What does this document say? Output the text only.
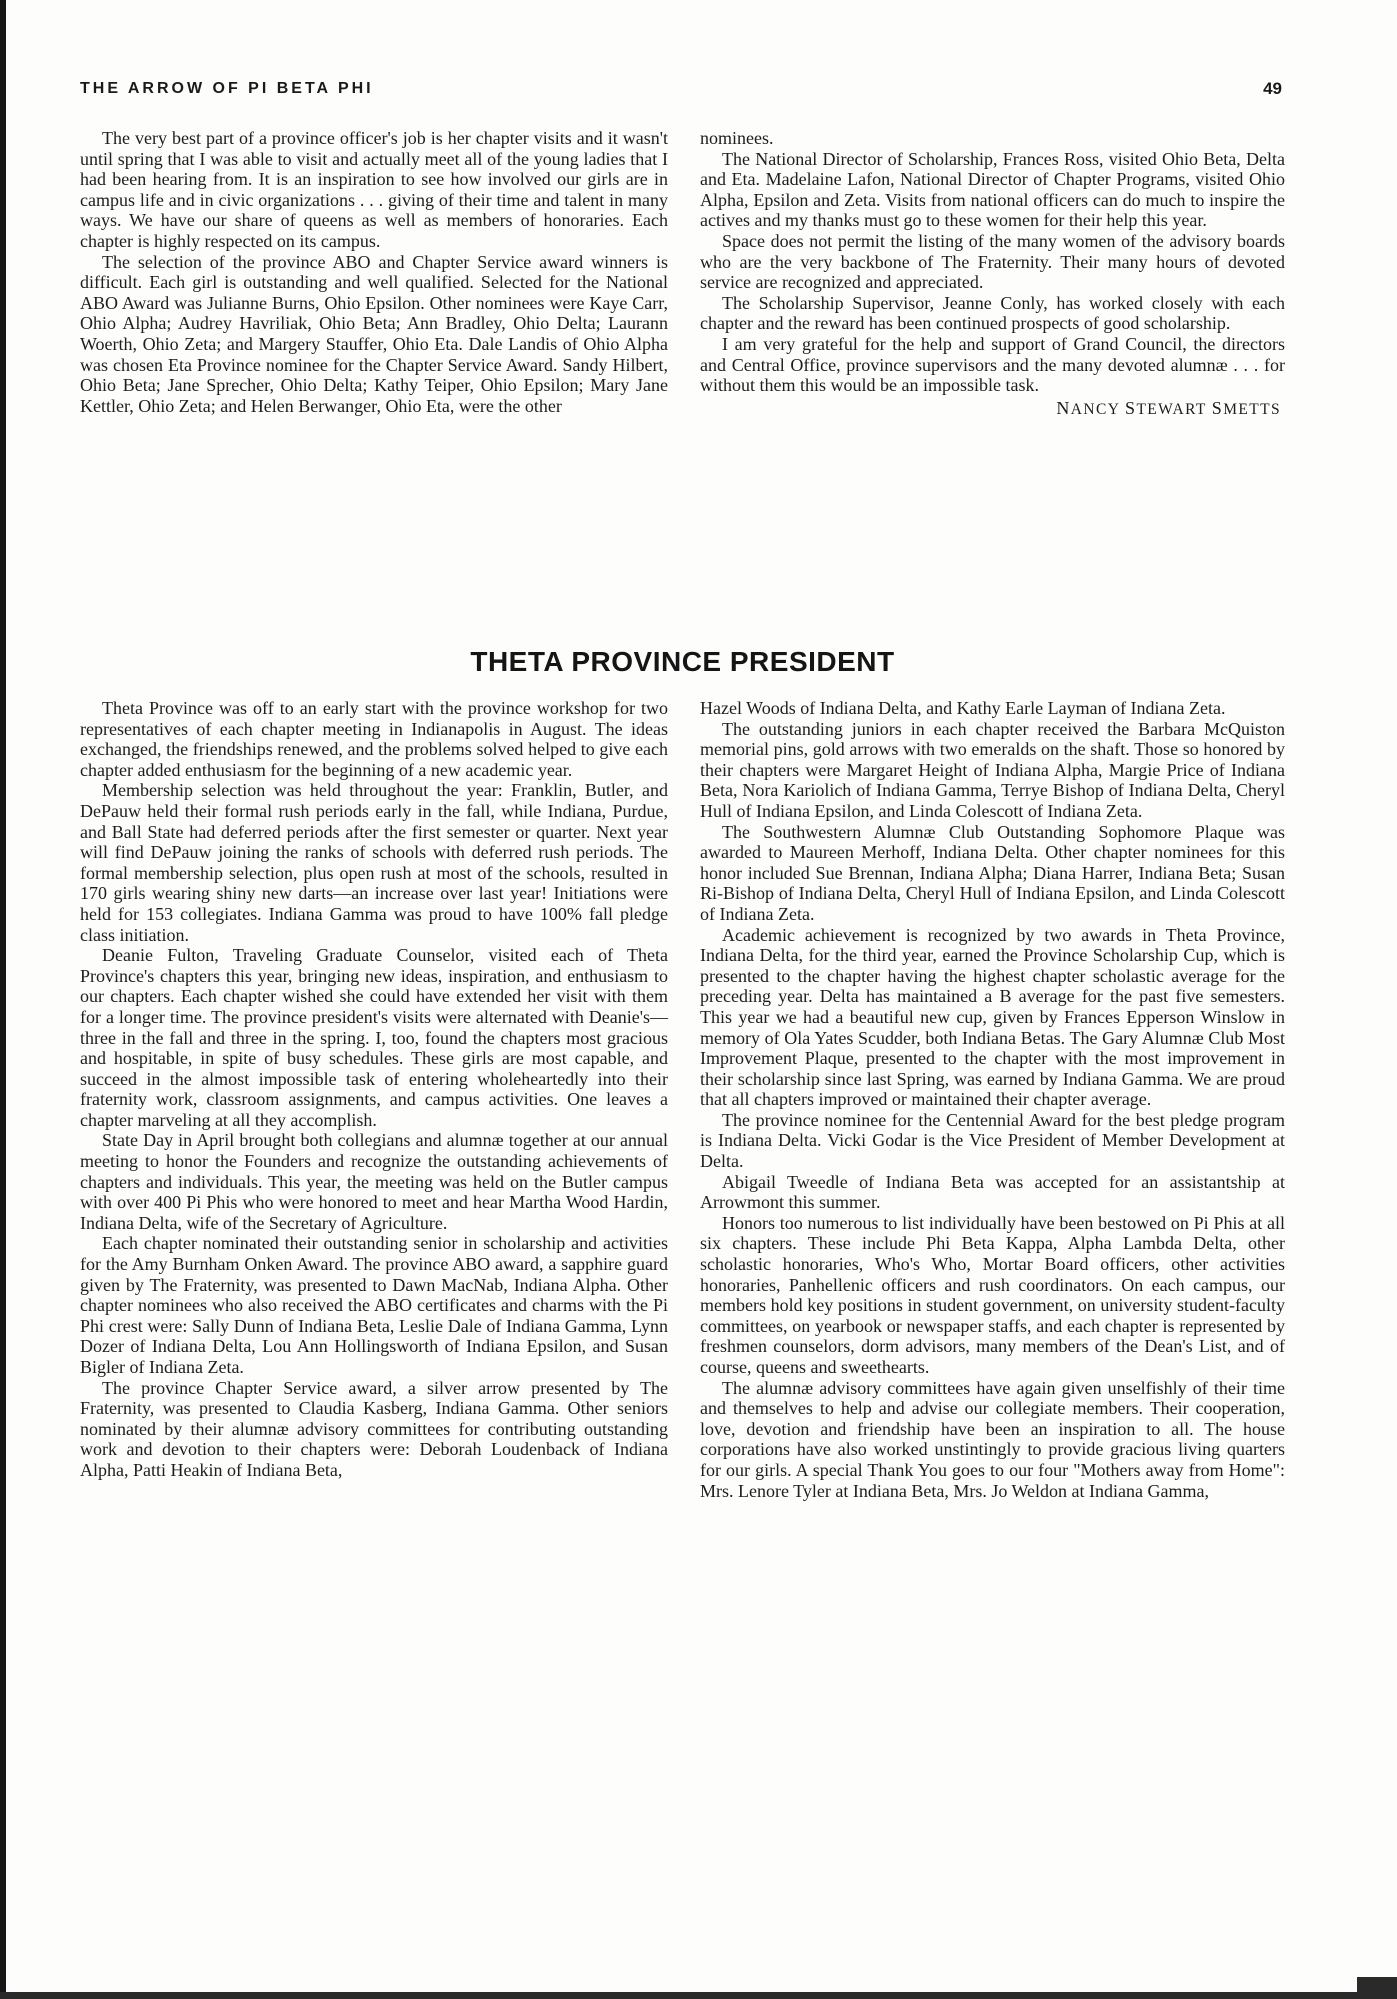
THE ARROW OF PI BETA PHI	49

The very best part of a province officer's job is her chapter visits and it wasn't until spring that I was able to visit and actually meet all of the young ladies that I had been hearing from. It is an inspiration to see how involved our girls are in campus life and in civic organizations . . . giving of their time and talent in many ways. We have our share of queens as well as members of honoraries. Each chapter is highly respected on its campus.

The selection of the province ABO and Chapter Service award winners is difficult. Each girl is outstanding and well qualified. Selected for the National ABO Award was Julianne Burns, Ohio Epsilon. Other nominees were Kaye Carr, Ohio Alpha; Audrey Havriliak, Ohio Beta; Ann Bradley, Ohio Delta; Laurann Woerth, Ohio Zeta; and Margery Stauffer, Ohio Eta. Dale Landis of Ohio Alpha was chosen Eta Province nominee for the Chapter Service Award. Sandy Hilbert, Ohio Beta; Jane Sprecher, Ohio Delta; Kathy Teiper, Ohio Epsilon; Mary Jane Kettler, Ohio Zeta; and Helen Berwanger, Ohio Eta, were the other

nominees.

The National Director of Scholarship, Frances Ross, visited Ohio Beta, Delta and Eta. Madelaine Lafon, National Director of Chapter Programs, visited Ohio Alpha, Epsilon and Zeta. Visits from national officers can do much to inspire the actives and my thanks must go to these women for their help this year.

Space does not permit the listing of the many women of the advisory boards who are the very backbone of The Fraternity. Their many hours of devoted service are recognized and appreciated.

The Scholarship Supervisor, Jeanne Conly, has worked closely with each chapter and the reward has been continued prospects of good scholarship.

I am very grateful for the help and support of Grand Council, the directors and Central Office, province supervisors and the many devoted alumnæ . . . for without them this would be an impossible task.

NANCY STEWART SMETTS
THETA PROVINCE PRESIDENT

Theta Province was off to an early start with the province workshop for two representatives of each chapter meeting in Indianapolis in August. The ideas exchanged, the friendships renewed, and the problems solved helped to give each chapter added enthusiasm for the beginning of a new academic year.

Membership selection was held throughout the year: Franklin, Butler, and DePauw held their formal rush periods early in the fall, while Indiana, Purdue, and Ball State had deferred periods after the first semester or quarter. Next year will find DePauw joining the ranks of schools with deferred rush periods. The formal membership selection, plus open rush at most of the schools, resulted in 170 girls wearing shiny new darts—an increase over last year! Initiations were held for 153 collegiates. Indiana Gamma was proud to have 100% fall pledge class initiation.

Deanie Fulton, Traveling Graduate Counselor, visited each of Theta Province's chapters this year, bringing new ideas, inspiration, and enthusiasm to our chapters. Each chapter wished she could have extended her visit with them for a longer time. The province president's visits were alternated with Deanie's—three in the fall and three in the spring. I, too, found the chapters most gracious and hospitable, in spite of busy schedules. These girls are most capable, and succeed in the almost impossible task of entering wholeheartedly into their fraternity work, classroom assignments, and campus activities. One leaves a chapter marveling at all they accomplish.

State Day in April brought both collegians and alumnæ together at our annual meeting to honor the Founders and recognize the outstanding achievements of chapters and individuals. This year, the meeting was held on the Butler campus with over 400 Pi Phis who were honored to meet and hear Martha Wood Hardin, Indiana Delta, wife of the Secretary of Agriculture.

Each chapter nominated their outstanding senior in scholarship and activities for the Amy Burnham Onken Award. The province ABO award, a sapphire guard given by The Fraternity, was presented to Dawn MacNab, Indiana Alpha. Other chapter nominees who also received the ABO certificates and charms with the Pi Phi crest were: Sally Dunn of Indiana Beta, Leslie Dale of Indiana Gamma, Lynn Dozer of Indiana Delta, Lou Ann Hollingsworth of Indiana Epsilon, and Susan Bigler of Indiana Zeta.

The province Chapter Service award, a silver arrow presented by The Fraternity, was presented to Claudia Kasberg, Indiana Gamma. Other seniors nominated by their alumnæ advisory committees for contributing outstanding work and devotion to their chapters were: Deborah Loudenback of Indiana Alpha, Patti Heakin of Indiana Beta,

Hazel Woods of Indiana Delta, and Kathy Earle Layman of Indiana Zeta.

The outstanding juniors in each chapter received the Barbara McQuiston memorial pins, gold arrows with two emeralds on the shaft. Those so honored by their chapters were Margaret Height of Indiana Alpha, Margie Price of Indiana Beta, Nora Kariolich of Indiana Gamma, Terrye Bishop of Indiana Delta, Cheryl Hull of Indiana Epsilon, and Linda Colescott of Indiana Zeta.

The Southwestern Alumnæ Club Outstanding Sophomore Plaque was awarded to Maureen Merhoff, Indiana Delta. Other chapter nominees for this honor included Sue Brennan, Indiana Alpha; Diana Harrer, Indiana Beta; Susan Ri-Bishop of Indiana Delta, Cheryl Hull of Indiana Epsilon, and Linda Colescott of Indiana Zeta.

Academic achievement is recognized by two awards in Theta Province, Indiana Delta, for the third year, earned the Province Scholarship Cup, which is presented to the chapter having the highest chapter scholastic average for the preceding year. Delta has maintained a B average for the past five semesters. This year we had a beautiful new cup, given by Frances Epperson Winslow in memory of Ola Yates Scudder, both Indiana Betas. The Gary Alumnæ Club Most Improvement Plaque, presented to the chapter with the most improvement in their scholarship since last Spring, was earned by Indiana Gamma. We are proud that all chapters improved or maintained their chapter average.

The province nominee for the Centennial Award for the best pledge program is Indiana Delta. Vicki Godar is the Vice President of Member Development at Delta.

Abigail Tweedle of Indiana Beta was accepted for an assistantship at Arrowmont this summer.

Honors too numerous to list individually have been bestowed on Pi Phis at all six chapters. These include Phi Beta Kappa, Alpha Lambda Delta, other scholastic honoraries, Who's Who, Mortar Board officers, other activities honoraries, Panhellenic officers and rush coordinators. On each campus, our members hold key positions in student government, on university student-faculty committees, on yearbook or newspaper staffs, and each chapter is represented by freshmen counselors, dorm advisors, many members of the Dean's List, and of course, queens and sweethearts.

The alumnæ advisory committees have again given unselfishly of their time and themselves to help and advise our collegiate members. Their cooperation, love, devotion and friendship have been an inspiration to all. The house corporations have also worked unstintingly to provide gracious living quarters for our girls. A special Thank You goes to our four "Mothers away from Home": Mrs. Lenore Tyler at Indiana Beta, Mrs. Jo Weldon at Indiana Gamma,
